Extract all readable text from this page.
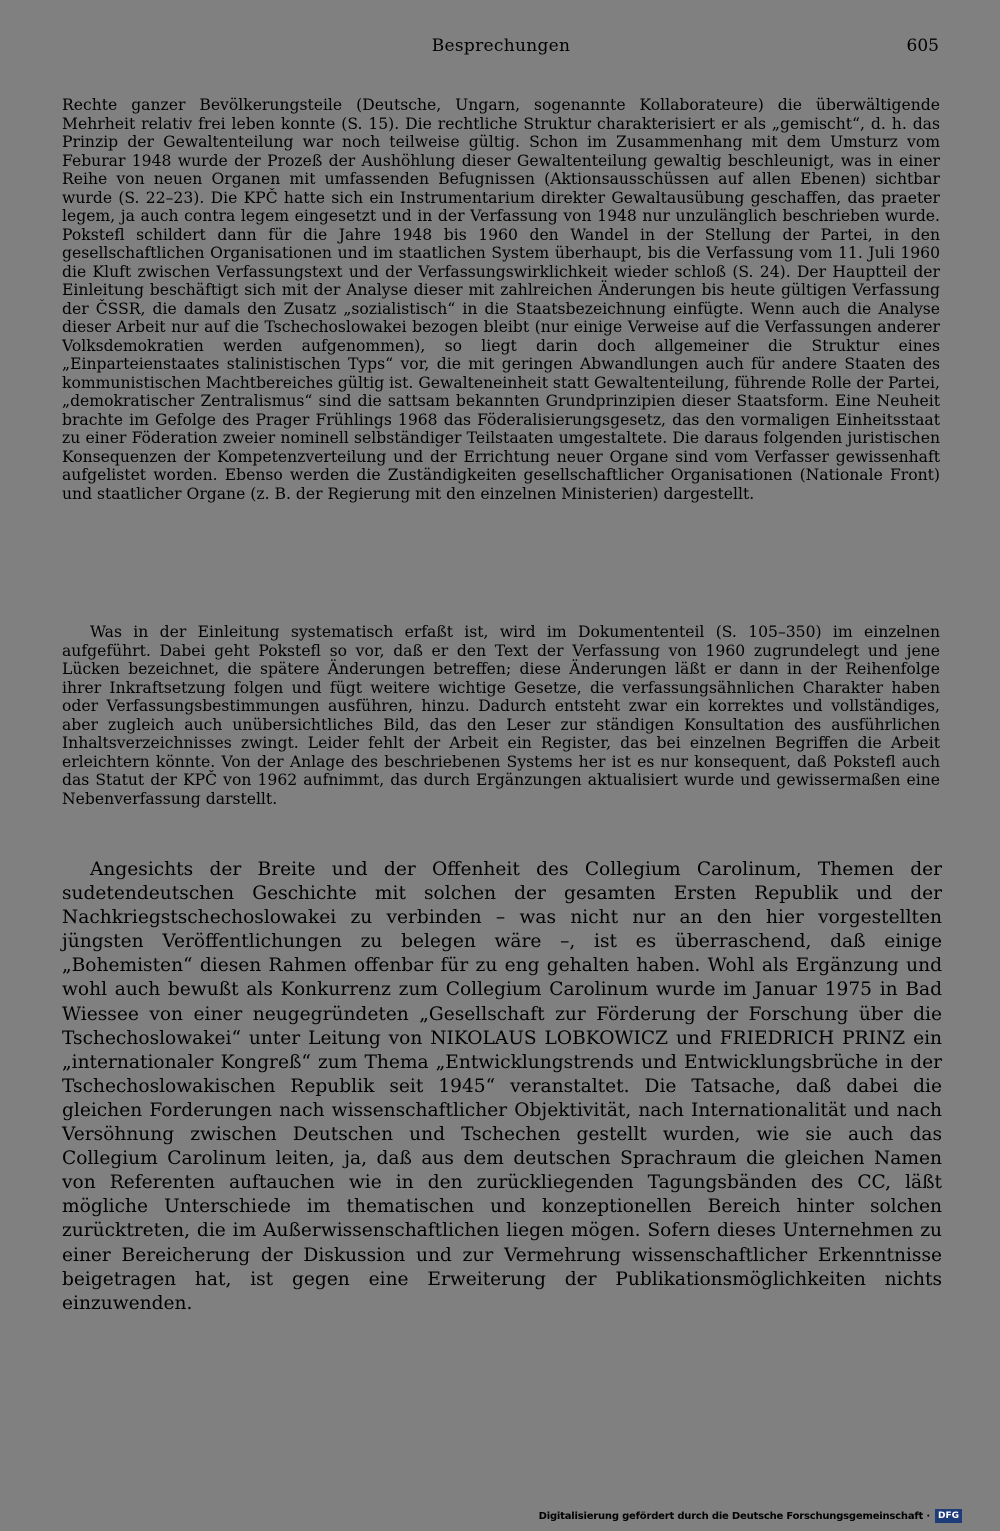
Besprechungen	605

Rechte ganzer Bevölkerungsteile (Deutsche, Ungarn, sogenannte Kollaborateure) die überwältigende Mehrheit relativ frei leben konnte (S. 15). Die rechtliche Struktur charakterisiert er als „gemischt“, d. h. das Prinzip der Gewaltenteilung war noch teilweise gültig. Schon im Zusammenhang mit dem Umsturz vom Feburar 1948 wurde der Prozeß der Aushöhlung dieser Gewaltenteilung gewaltig beschleunigt, was in einer Reihe von neuen Organen mit umfassenden Befugnissen (Aktionsausschüssen auf allen Ebenen) sichtbar wurde (S. 22–23). Die KPČ hatte sich ein Instrumentarium direkter Gewaltausübung geschaffen, das praeter legem, ja auch contra legem eingesetzt und in der Verfassung von 1948 nur unzulänglich beschrieben wurde. Pokstefl schildert dann für die Jahre 1948 bis 1960 den Wandel in der Stellung der Partei, in den gesellschaftlichen Organisationen und im staatlichen System überhaupt, bis die Verfassung vom 11. Juli 1960 die Kluft zwischen Verfassungstext und der Verfassungswirklichkeit wieder schloß (S. 24). Der Hauptteil der Einleitung beschäftigt sich mit der Analyse dieser mit zahlreichen Änderungen bis heute gültigen Verfassung der ČSSR, die damals den Zusatz „sozialistisch“ in die Staatsbezeichnung einfügte. Wenn auch die Analyse dieser Arbeit nur auf die Tschechoslowakei bezogen bleibt (nur einige Verweise auf die Verfassungen anderer Volksdemokratien werden aufgenommen), so liegt darin doch allgemeiner die Struktur eines „Einparteienstaates stalinistischen Typs“ vor, die mit geringen Abwandlungen auch für andere Staaten des kommunistischen Machtbereiches gültig ist. Gewalteneinheit statt Gewaltenteilung, führende Rolle der Partei, „demokratischer Zentralismus“ sind die sattsam bekannten Grundprinzipien dieser Staatsform. Eine Neuheit brachte im Gefolge des Prager Frühlings 1968 das Föderalisierungsgesetz, das den vormaligen Einheitsstaat zu einer Föderation zweier nominell selbständiger Teilstaaten umgestaltete. Die daraus folgenden juristischen Konsequenzen der Kompetenzverteilung und der Errichtung neuer Organe sind vom Verfasser gewissenhaft aufgelistet worden. Ebenso werden die Zuständigkeiten gesellschaftlicher Organisationen (Nationale Front) und staatlicher Organe (z. B. der Regierung mit den einzelnen Ministerien) dargestellt.

Was in der Einleitung systematisch erfaßt ist, wird im Dokumententeil (S. 105–350) im einzelnen aufgeführt. Dabei geht Pokstefl so vor, daß er den Text der Verfassung von 1960 zugrundelegt und jene Lücken bezeichnet, die spätere Änderungen betreffen; diese Änderungen läßt er dann in der Reihenfolge ihrer Inkraftsetzung folgen und fügt weitere wichtige Gesetze, die verfassungsähnlichen Charakter haben oder Verfassungsbestimmungen ausführen, hinzu. Dadurch entsteht zwar ein korrektes und vollständiges, aber zugleich auch unübersichtliches Bild, das den Leser zur ständigen Konsultation des ausführlichen Inhaltsverzeichnisses zwingt. Leider fehlt der Arbeit ein Register, das bei einzelnen Begriffen die Arbeit erleichtern könnte. Von der Anlage des beschriebenen Systems her ist es nur konsequent, daß Pokstefl auch das Statut der KPČ von 1962 aufnimmt, das durch Ergänzungen aktualisiert wurde und gewissermaßen eine Nebenverfassung darstellt.

Angesichts der Breite und der Offenheit des Collegium Carolinum, Themen der sudetendeutschen Geschichte mit solchen der gesamten Ersten Republik und der Nachkriegstschechoslowakei zu verbinden – was nicht nur an den hier vorgestellten jüngsten Veröffentlichungen zu belegen wäre –, ist es überraschend, daß einige „Bohemisten“ diesen Rahmen offenbar für zu eng gehalten haben. Wohl als Ergänzung und wohl auch bewußt als Konkurrenz zum Collegium Carolinum wurde im Januar 1975 in Bad Wiessee von einer neugegründeten „Gesellschaft zur Förderung der Forschung über die Tschechoslowakei“ unter Leitung von NIKOLAUS LOBKOWICZ und FRIEDRICH PRINZ ein „internationaler Kongreß“ zum Thema „Entwicklungstrends und Entwicklungsbrüche in der Tschechoslowakischen Republik seit 1945“ veranstaltet. Die Tatsache, daß dabei die gleichen Forderungen nach wissenschaftlicher Objektivität, nach Internationalität und nach Versöhnung zwischen Deutschen und Tschechen gestellt wurden, wie sie auch das Collegium Carolinum leiten, ja, daß aus dem deutschen Sprachraum die gleichen Namen von Referenten auftauchen wie in den zurückliegenden Tagungsbänden des CC, läßt mögliche Unterschiede im thematischen und konzeptionellen Bereich hinter solchen zurücktreten, die im Außerwissenschaftlichen liegen mögen. Sofern dieses Unternehmen zu einer Bereicherung der Diskussion und zur Vermehrung wissenschaftlicher Erkenntnisse beigetragen hat, ist gegen eine Erweiterung der Publikationsmöglichkeiten nichts einzuwenden.

Digitalisierung gefördert durch die Deutsche Forschungsgemeinschaft · DFG
